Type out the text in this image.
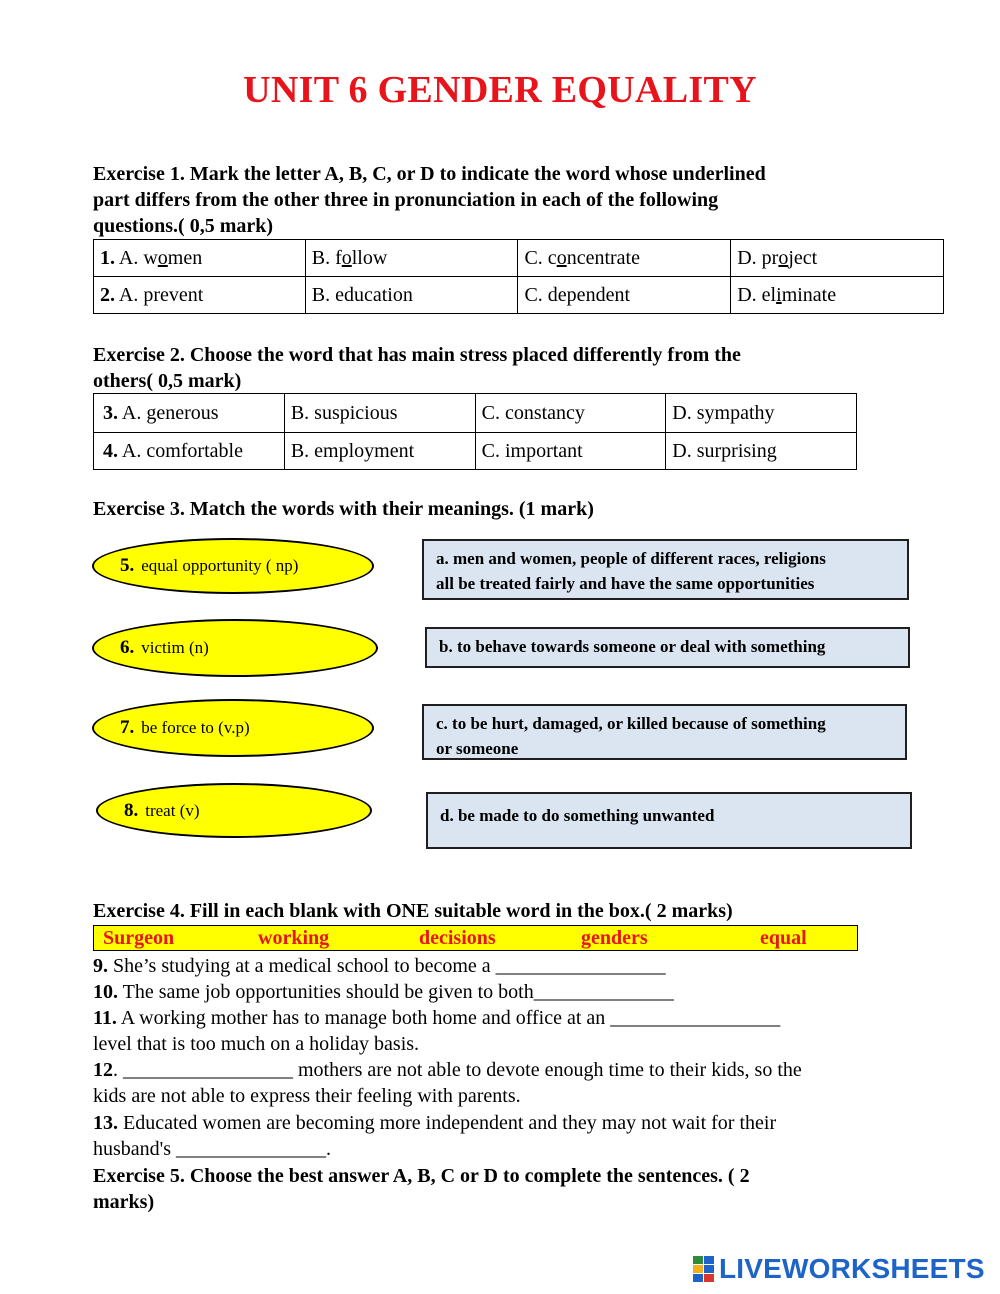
UNIT 6 GENDER EQUALITY
Exercise 1. Mark the letter A, B, C, or D to indicate the word whose underlined
part differs from the other three in pronunciation in each of the following
questions.( 0,5 mark)
1. A. women	B. follow	C. concentrate	D. project
2. A. prevent	B. education	C. dependent	D. eliminate
Exercise 2. Choose the word that has main stress placed differently from the
others( 0,5 mark)
3. A. generous	B. suspicious	C. constancy	D. sympathy
4. A. comfortable	B. employment	C. important	D. surprising
Exercise 3. Match the words with their meanings. (1 mark)
5. equal opportunity ( np)
6. victim (n)
7. be force to (v.p)
8. treat (v)
a. men and women, people of different races, religions
all be treated fairly and have the same opportunities
b. to behave towards someone or deal with something
c. to be hurt, damaged, or killed because of something
or someone
d. be made to do something unwanted
Exercise 4. Fill in each blank with ONE suitable word in the box.( 2 marks)
Surgeon	working	decisions	genders	equal
9. She’s studying at a medical school to become a _________________
10. The same job opportunities should be given to both______________
11. A working mother has to manage both home and office at an _________________
level that is too much on a holiday basis.
12. _________________ mothers are not able to devote enough time to their kids, so the
kids are not able to express their feeling with parents.
13. Educated women are becoming more independent and they may not wait for their
husband's _______________.
Exercise 5. Choose the best answer A, B, C or D to complete the sentences. ( 2
marks)
LIVEWORKSHEETS
